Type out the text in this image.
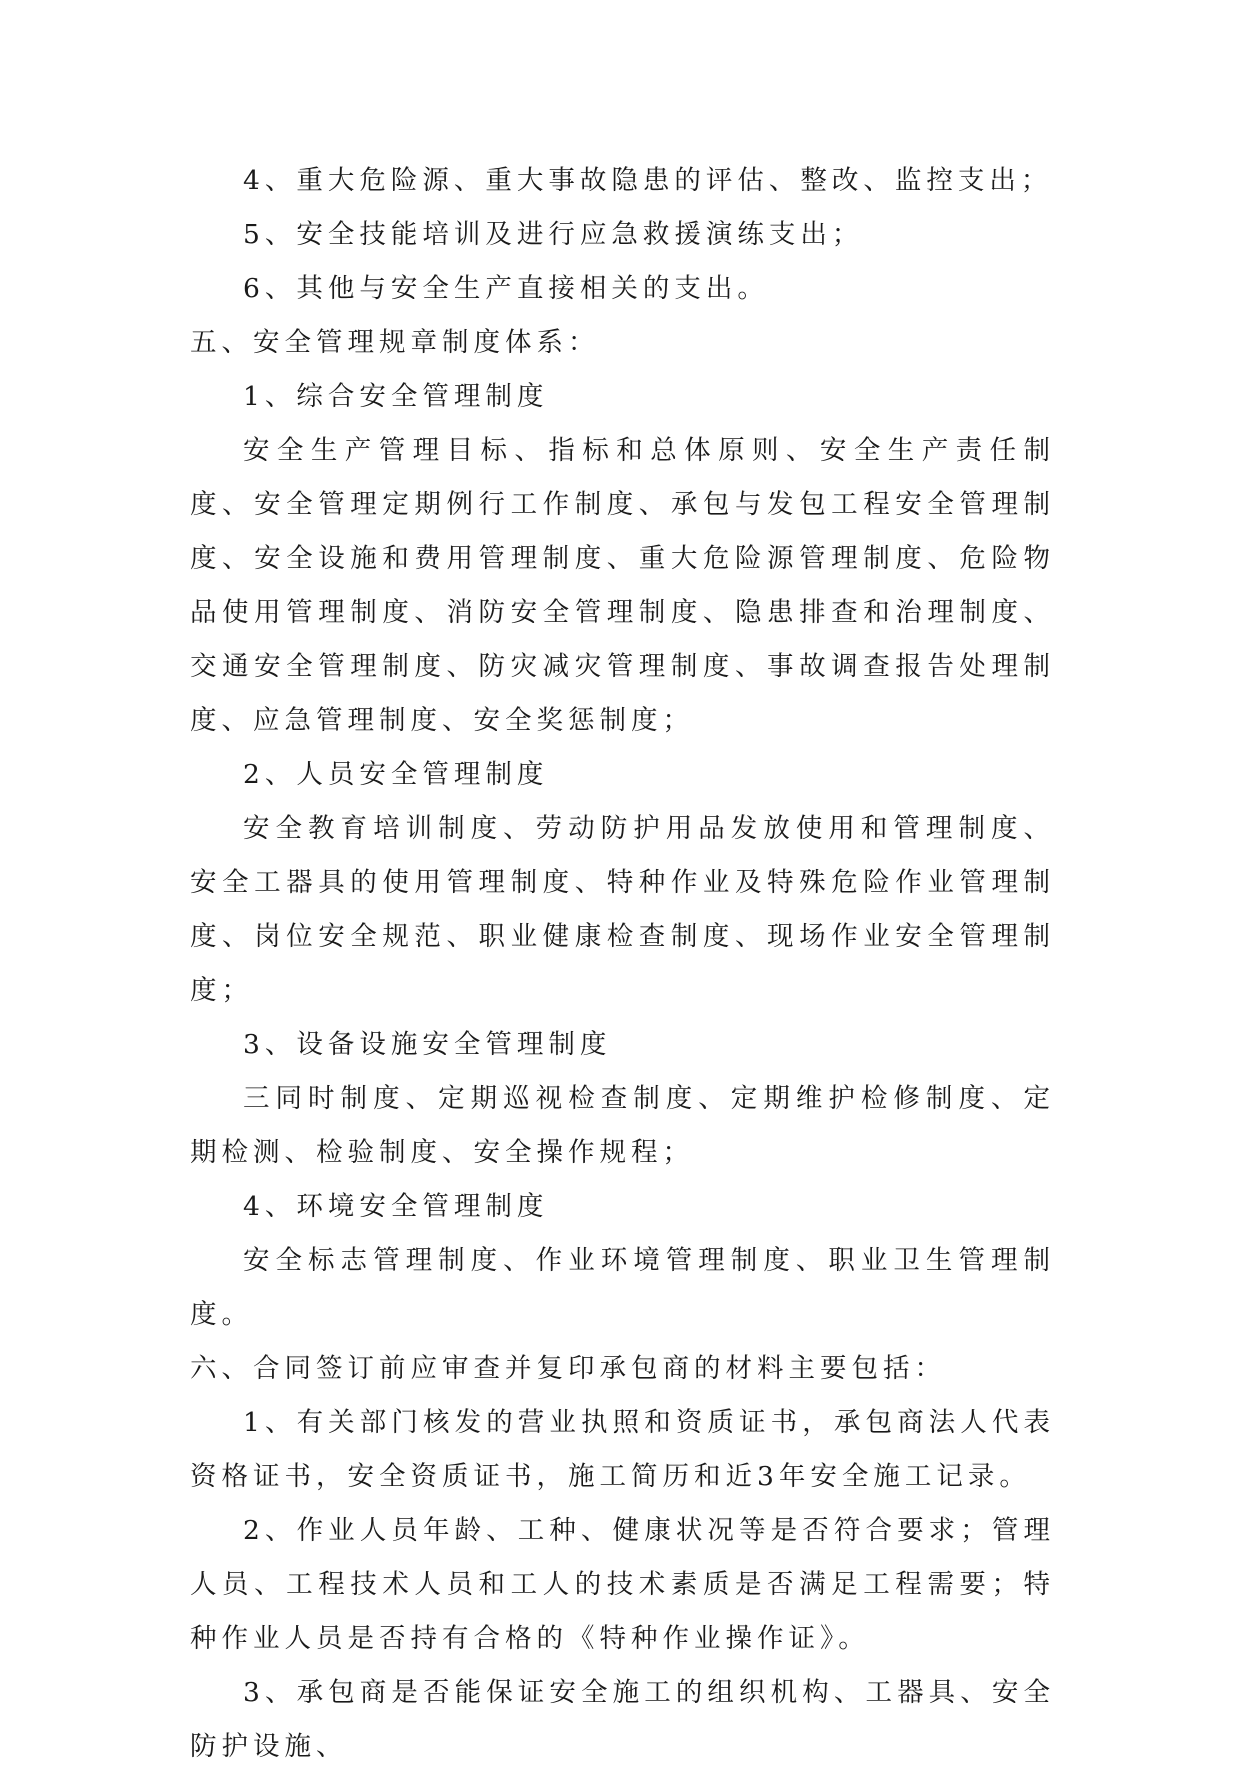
4、重大危险源、重大事故隐患的评估、整改、监控支出；

5、安全技能培训及进行应急救援演练支出；

6、其他与安全生产直接相关的支出。

五、安全管理规章制度体系：

1、综合安全管理制度

安全生产管理目标、指标和总体原则、安全生产责任制度、安全管理定期例行工作制度、承包与发包工程安全管理制度、安全设施和费用管理制度、重大危险源管理制度、危险物品使用管理制度、消防安全管理制度、隐患排查和治理制度、交通安全管理制度、防灾减灾管理制度、事故调查报告处理制度、应急管理制度、安全奖惩制度；

2、人员安全管理制度

安全教育培训制度、劳动防护用品发放使用和管理制度、安全工器具的使用管理制度、特种作业及特殊危险作业管理制度、岗位安全规范、职业健康检查制度、现场作业安全管理制度；

3、设备设施安全管理制度

三同时制度、定期巡视检查制度、定期维护检修制度、定期检测、检验制度、安全操作规程；

4、环境安全管理制度

安全标志管理制度、作业环境管理制度、职业卫生管理制度。

六、合同签订前应审查并复印承包商的材料主要包括：

1、有关部门核发的营业执照和资质证书，承包商法人代表资格证书，安全资质证书，施工简历和近3年安全施工记录。

2、作业人员年龄、工种、健康状况等是否符合要求；管理人员、工程技术人员和工人的技术素质是否满足工程需要；特种作业人员是否持有合格的《特种作业操作证》。

3、承包商是否能保证安全施工的组织机构、工器具、安全防护设施、
